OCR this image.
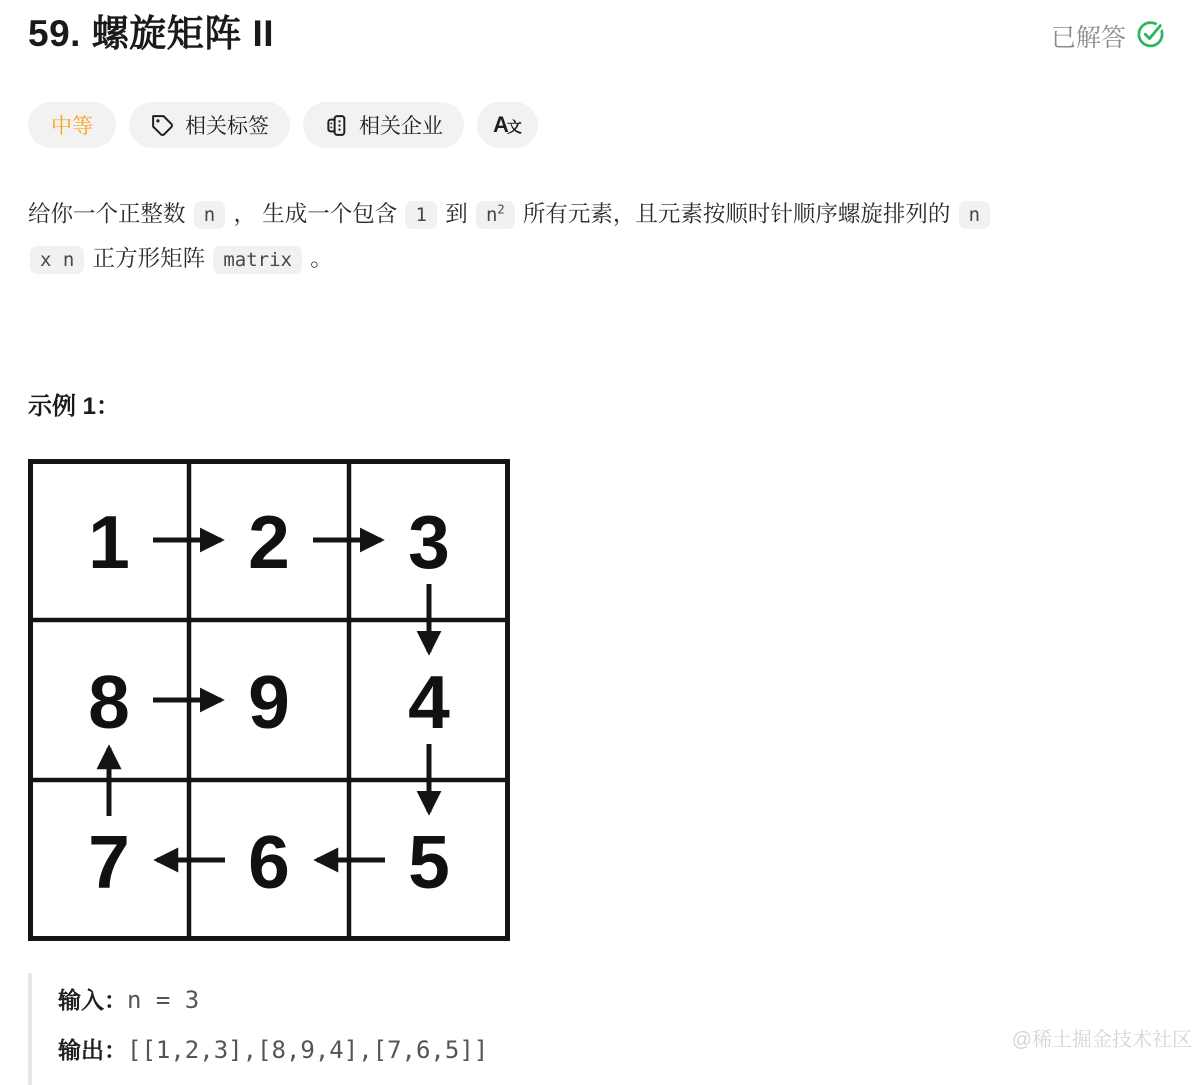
59. 螺旋矩阵 II	已解答
中等	相关标签	相关企业 A
文

给你一个正整数 n ， 生成一个包含 1 到 $n^2$ 所有元素，且元素按顺时针顺序螺旋排列的 n
x n 正方形矩阵 matrix 。

示例 1：
1 2 3
8 9 4
7 6 5
输入：n = 3
输出：[[1,2,3],[8,9,4],[7,6,5]]	@稀土掘金技术社区
